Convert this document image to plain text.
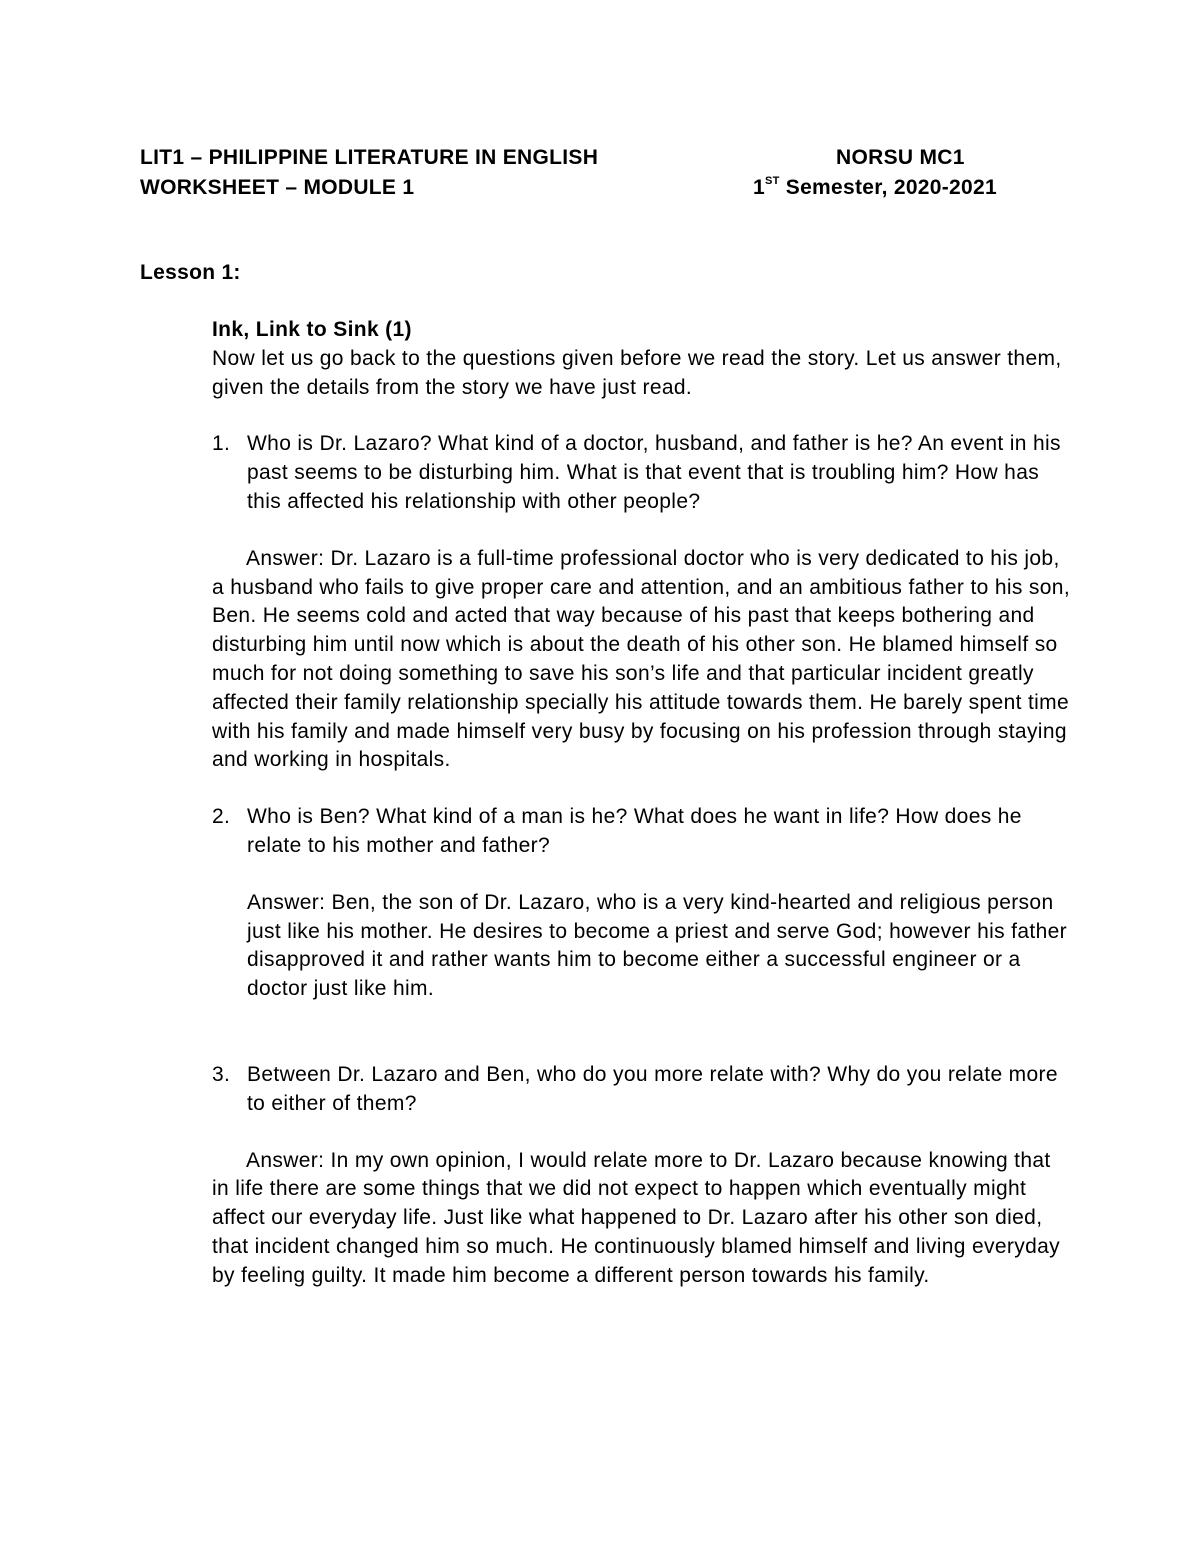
LIT1 – PHILIPPINE LITERATURE IN ENGLISH
WORKSHEET – MODULE 1
NORSU MC1
1ST Semester, 2020-2021
Lesson 1:

Ink, Link to Sink (1)

Now let us go back to the questions given before we read the story. Let us answer them, given the details from the story we have just read.

1. Who is Dr. Lazaro? What kind of a doctor, husband, and father is he? An event in his past seems to be disturbing him. What is that event that is troubling him? How has this affected his relationship with other people?

Answer: Dr. Lazaro is a full-time professional doctor who is very dedicated to his job, a husband who fails to give proper care and attention, and an ambitious father to his son, Ben. He seems cold and acted that way because of his past that keeps bothering and disturbing him until now which is about the death of his other son. He blamed himself so much for not doing something to save his son’s life and that particular incident greatly affected their family relationship specially his attitude towards them. He barely spent time with his family and made himself very busy by focusing on his profession through staying and working in hospitals.

2. Who is Ben? What kind of a man is he? What does he want in life? How does he relate to his mother and father?

Answer: Ben, the son of Dr. Lazaro, who is a very kind-hearted and religious person just like his mother. He desires to become a priest and serve God; however his father disapproved it and rather wants him to become either a successful engineer or a doctor just like him.

3. Between Dr. Lazaro and Ben, who do you more relate with? Why do you relate more to either of them?

Answer: In my own opinion, I would relate more to Dr. Lazaro because knowing that in life there are some things that we did not expect to happen which eventually might affect our everyday life. Just like what happened to Dr. Lazaro after his other son died, that incident changed him so much. He continuously blamed himself and living everyday by feeling guilty. It made him become a different person towards his family.
